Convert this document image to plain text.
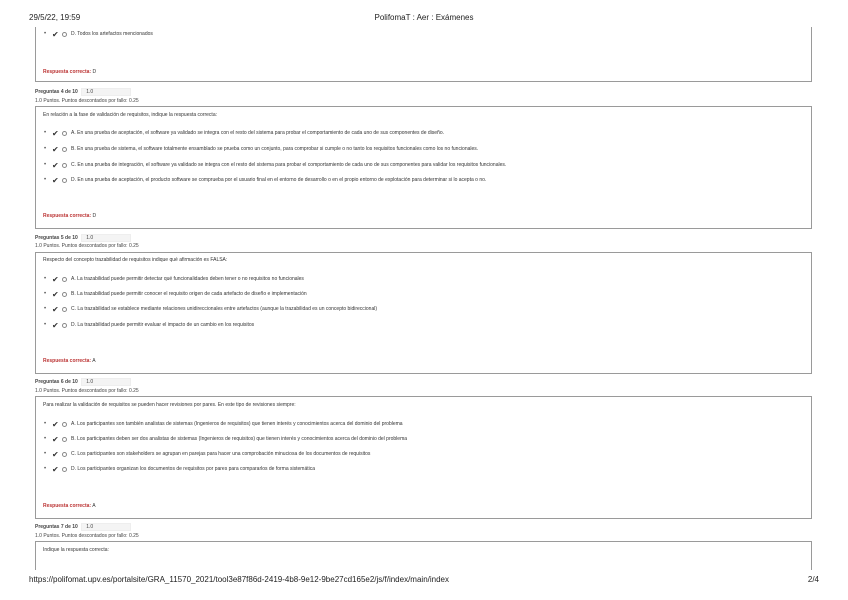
29/5/22, 19:59	PolifomaT : Aer : Exámenes
• ✔	D. Todos los artefactos mencionados
Respuesta correcta: D
Preguntas 4 de 10 1.0
1.0 Puntos. Puntos descontados por fallo: 0.25
En relación a la fase de validación de requisitos, indique la respuesta correcta:
• ✔	A. En una prueba de aceptación, el software ya validado se integra con el resto del sistema para probar el comportamiento de cada uno de sus componentes de diseño.
• ✔	B. En una prueba de sistema, el software totalmente ensamblado se prueba como un conjunto, para comprobar si cumple o no tanto los requisitos funcionales como los no funcionales.
• ✔	C. En una prueba de integración, el software ya validado se integra con el resto del sistema para probar el comportamiento de cada uno de sus componentes para validar los requisitos funcionales.
• ✔	D. En una prueba de aceptación, el producto software se comprueba por el usuario final en el entorno de desarrollo o en el propio entorno de explotación para determinar si lo acepta o no.
Respuesta correcta: D
Preguntas 5 de 10 1.0
1.0 Puntos. Puntos descontados por fallo: 0.25
Respecto del concepto trazabilidad de requisitos indique qué afirmación es FALSA:
• ✔	A. La trazabilidad puede permitir detectar qué funcionalidades deben tener o no requisitos no funcionales
• ✔	B. La trazabilidad puede permitir conocer el requisito origen de cada artefacto de diseño e implementación
• ✔	C. La trazabilidad se establece mediante relaciones unidireccionales entre artefactos (aunque la trazabilidad es un concepto bidireccional)
• ✔	D. La trazabilidad puede permitir evaluar el impacto de un cambio en los requisitos
Respuesta correcta: A
Preguntas 6 de 10 1.0
1.0 Puntos. Puntos descontados por fallo: 0.25
Para realizar la validación de requisitos se pueden hacer revisiones por pares. En este tipo de revisiones siempre:
• ✔	A. Los participantes son también analistas de sistemas (Ingenieros de requisitos) que tienen interés y conocimientos acerca del dominio del problema
• ✔	B. Los participantes deben ser dos analistas de sistemas (Ingenieros de requisitos) que tienen interés y conocimientos acerca del dominio del problema
• ✔	C. Los participantes son stakeholders se agrupan en parejas para hacer una comprobación minuciosa de los documentos de requisitos
• ✔	D. Los participantes organizan los documentos de requisitos por pares para compararlos de forma sistemática
Respuesta correcta: A
Preguntas 7 de 10 1.0
1.0 Puntos. Puntos descontados por fallo: 0.25
Indique la respuesta correcta:
https://polifomat.upv.es/portalsite/GRA_11570_2021/tool3e87f86d-2419-4b8-9e12-9be27cd165e2/js/f/index/main/index	2/4
